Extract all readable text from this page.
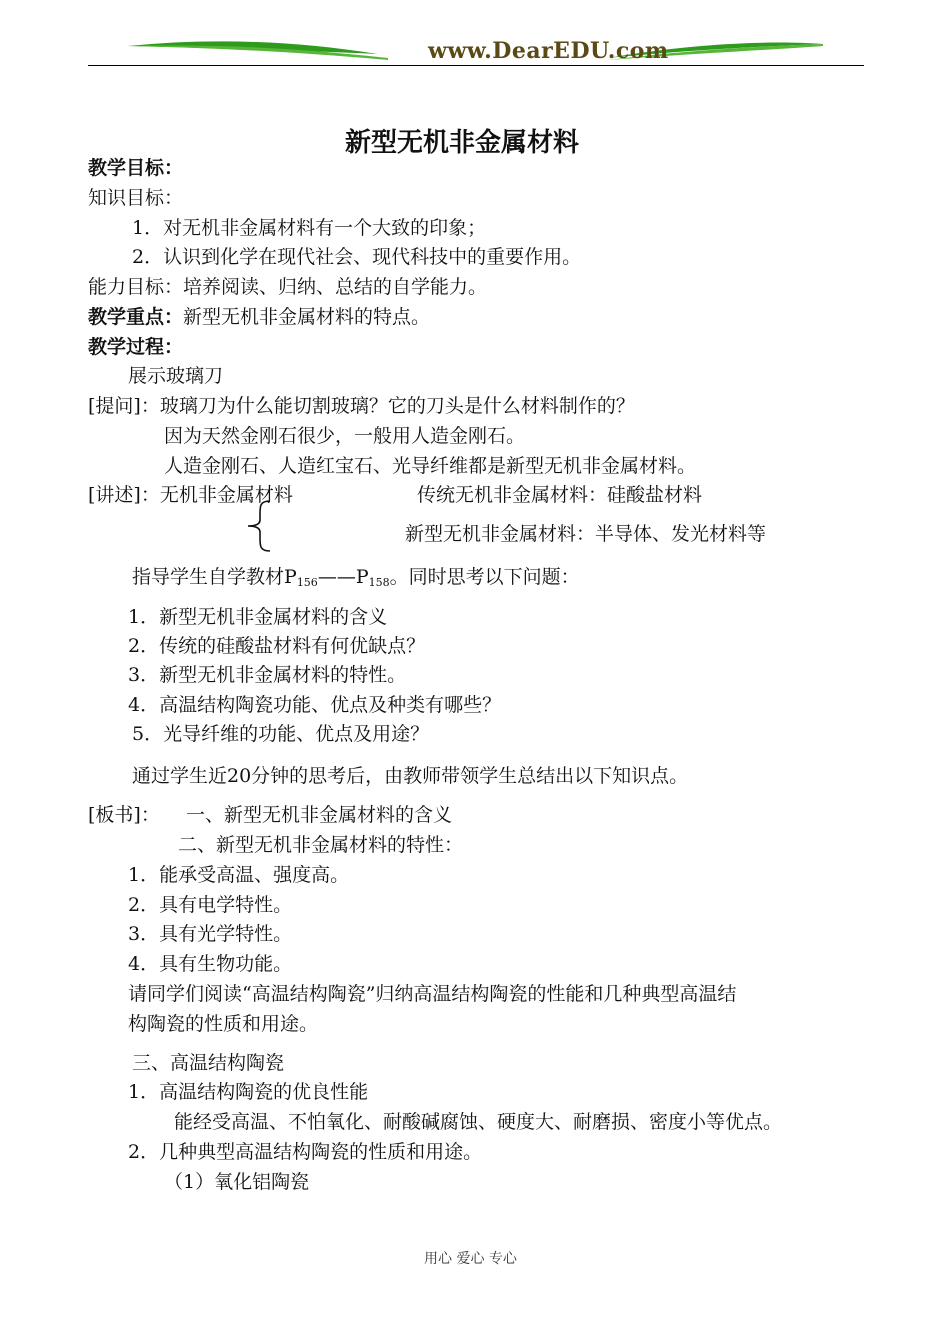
www.DearEDU.com
新型无机非金属材料
教学目标：
知识目标：
1．对无机非金属材料有一个大致的印象；
2．认识到化学在现代社会、现代科技中的重要作用。
能力目标：培养阅读、归纳、总结的自学能力。
教学重点：新型无机非金属材料的特点。
教学过程：
展示玻璃刀
[提问]：玻璃刀为什么能切割玻璃？它的刀头是什么材料制作的？
因为天然金刚石很少，一般用人造金刚石。
人造金刚石、人造红宝石、光导纤维都是新型无机非金属材料。
[讲述]：无机非金属材料	传统无机非金属材料：硅酸盐材料
新型无机非金属材料：半导体、发光材料等
指导学生自学教材$P_{156}——P_{158}$。同时思考以下问题：
1．新型无机非金属材料的含义
2．传统的硅酸盐材料有何优缺点？
3．新型无机非金属材料的特性。
4．高温结构陶瓷功能、优点及种类有哪些？
5．光导纤维的功能、优点及用途？
通过学生近20分钟的思考后，由教师带领学生总结出以下知识点。
[板书]： 一、新型无机非金属材料的含义
二、新型无机非金属材料的特性：
1．能承受高温、强度高。
2．具有电学特性。
3．具有光学特性。
4．具有生物功能。
请同学们阅读“高温结构陶瓷”归纳高温结构陶瓷的性能和几种典型高温结
构陶瓷的性质和用途。
三、高温结构陶瓷
1．高温结构陶瓷的优良性能
能经受高温、不怕氧化、耐酸碱腐蚀、硬度大、耐磨损、密度小等优点。
2．几种典型高温结构陶瓷的性质和用途。
（1）氧化铝陶瓷
用心 爱心 专心
